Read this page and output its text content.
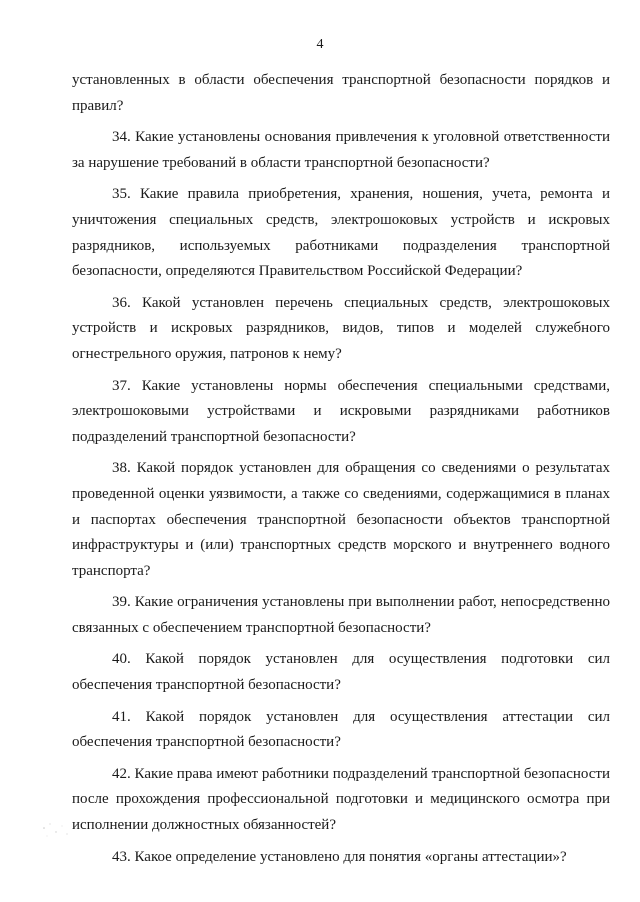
4

установленных в области обеспечения транспортной безопасности порядков и правил?

34. Какие установлены основания привлечения к уголовной ответственности за нарушение требований в области транспортной безопасности?

35. Какие правила приобретения, хранения, ношения, учета, ремонта и уничтожения специальных средств, электрошоковых устройств и искровых разрядников, используемых работниками подразделения транспортной безопасности, определяются Правительством Российской Федерации?

36. Какой установлен перечень специальных средств, электрошоковых устройств и искровых разрядников, видов, типов и моделей служебного огнестрельного оружия, патронов к нему?

37. Какие установлены нормы обеспечения специальными средствами, электрошоковыми устройствами и искровыми разрядниками работников подразделений транспортной безопасности?

38. Какой порядок установлен для обращения со сведениями о результатах проведенной оценки уязвимости, а также со сведениями, содержащимися в планах и паспортах обеспечения транспортной безопасности объектов транспортной инфраструктуры и (или) транспортных средств морского и внутреннего водного транспорта?

39. Какие ограничения установлены при выполнении работ, непосредственно связанных с обеспечением транспортной безопасности?

40. Какой порядок установлен для осуществления подготовки сил обеспечения транспортной безопасности?

41. Какой порядок установлен для осуществления аттестации сил обеспечения транспортной безопасности?

42. Какие права имеют работники подразделений транспортной безопасности после прохождения профессиональной подготовки и медицинского осмотра при исполнении должностных обязанностей?

43. Какое определение установлено для понятия «органы аттестации»?
